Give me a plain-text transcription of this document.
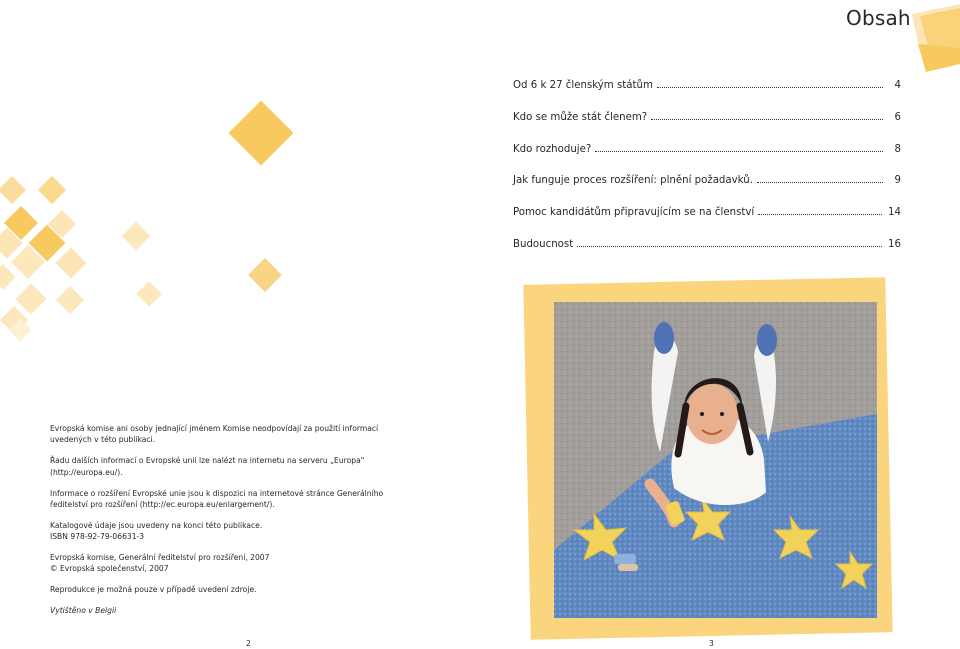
Obsah
Od 6 k 27 členským státům	4
Kdo se může stát členem?	6
Kdo rozhoduje?	8
Jak funguje proces rozšíření: plnění požadavků.	9
Pomoc kandidátům připravujícím se na členství	14
Budoucnost	16

Evropská komise ani osoby jednající jménem Komise neodpovídají za použití informací uvedených v této publikaci.

Řadu dalších informací o Evropské unii lze nalézt na internetu na serveru „Europa" (http://europa.eu/).

Informace o rozšíření Evropské unie jsou k dispozici na internetové stránce Generálního ředitelství pro rozšíření (http://ec.europa.eu/enlargement/).

Katalogové údaje jsou uvedeny na konci této publikace.
ISBN 978-92-79-06631-3

Evropská komise, Generální ředitelství pro rozšíření, 2007
© Evropská společenství, 2007

Reprodukce je možná pouze v případě uvedení zdroje.

Vytištěno v Belgii

2	3
